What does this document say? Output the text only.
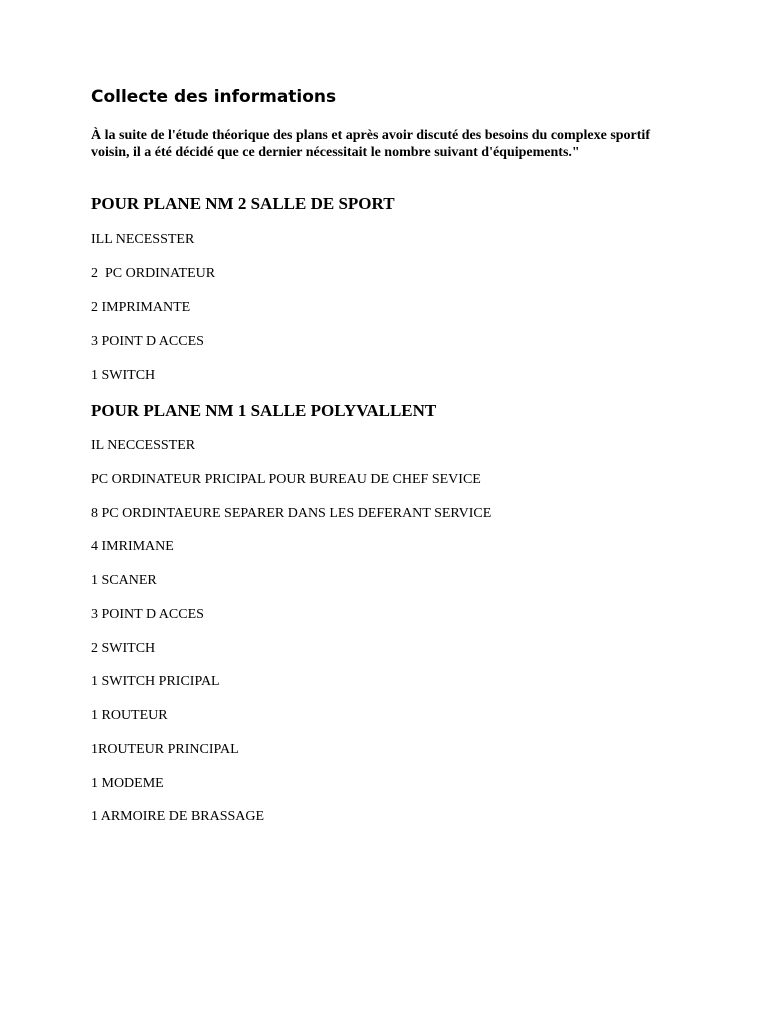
Collecte des informations

À la suite de l'étude théorique des plans et après avoir discuté des besoins du complexe sportif voisin, il a été décidé que ce dernier nécessitait le nombre suivant d'équipements."

POUR PLANE NM 2 SALLE DE SPORT

ILL NECESSTER

2  PC ORDINATEUR

2 IMPRIMANTE

3 POINT D ACCES

1 SWITCH

POUR PLANE NM 1 SALLE POLYVALLENT

IL NECCESSTER

PC ORDINATEUR PRICIPAL POUR BUREAU DE CHEF SEVICE

8 PC ORDINTAEURE SEPARER DANS LES DEFERANT SERVICE

4 IMRIMANE

1 SCANER

3 POINT D ACCES

2 SWITCH

1 SWITCH PRICIPAL

1 ROUTEUR

1ROUTEUR PRINCIPAL

1 MODEME

1 ARMOIRE DE BRASSAGE
